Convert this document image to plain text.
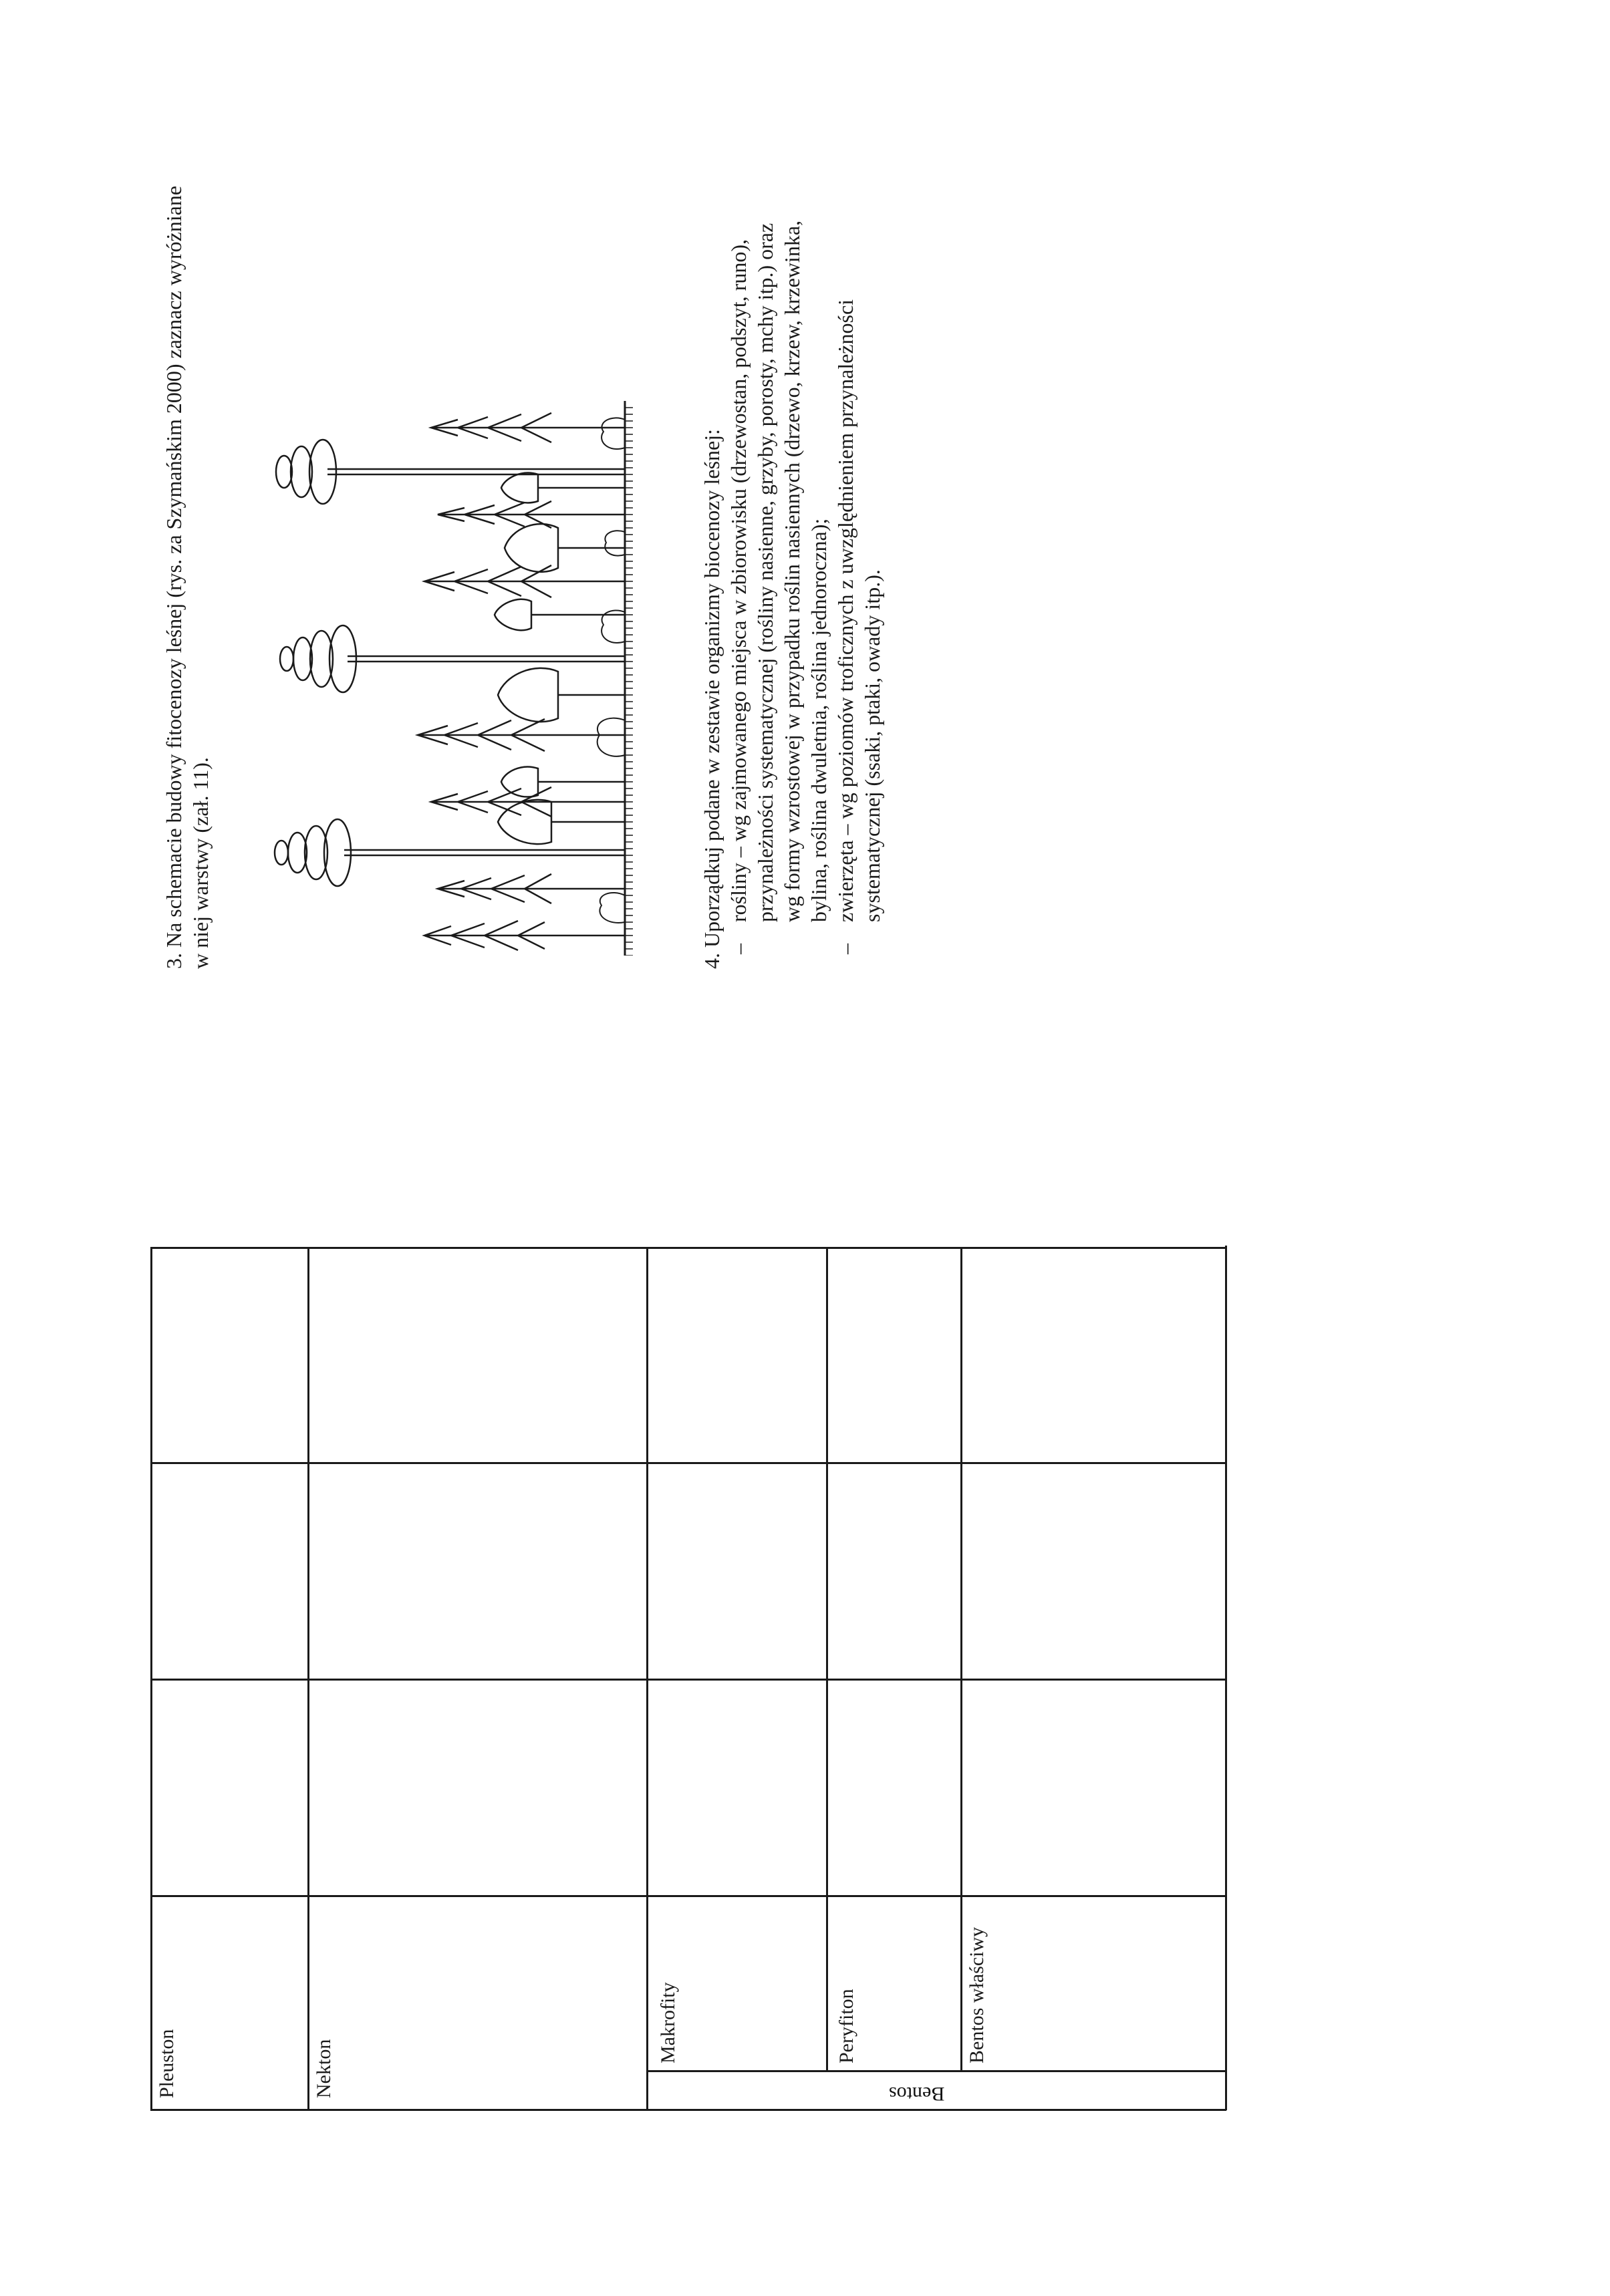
Pleuston	Nekton
Makrofity	Peryfiton	Bentos właściwy
Bentos

3. Na schemacie budowy fitocenozy leśnej (rys. za Szymańskim 2000) zaznacz wyróżniane w niej warstwy (zał. 11).	4. Uporządkuj podane w zestawie organizmy biocenozy leśnej: –
rośliny – wg zajmowanego miejsca w zbiorowisku (drzewostan, podszyt, runo), przynależności systematycznej (rośliny nasienne, grzyby, porosty, mchy itp.) oraz wg formy wzrostowej w przypadku roślin nasiennych (drzewo, krzew, krzewinka, bylina, roślina dwuletnia, roślina jednoroczna);

–
zwierzęta – wg poziomów troficznych z uwzględnieniem przynależności systematycznej (ssaki, ptaki, owady itp.).
